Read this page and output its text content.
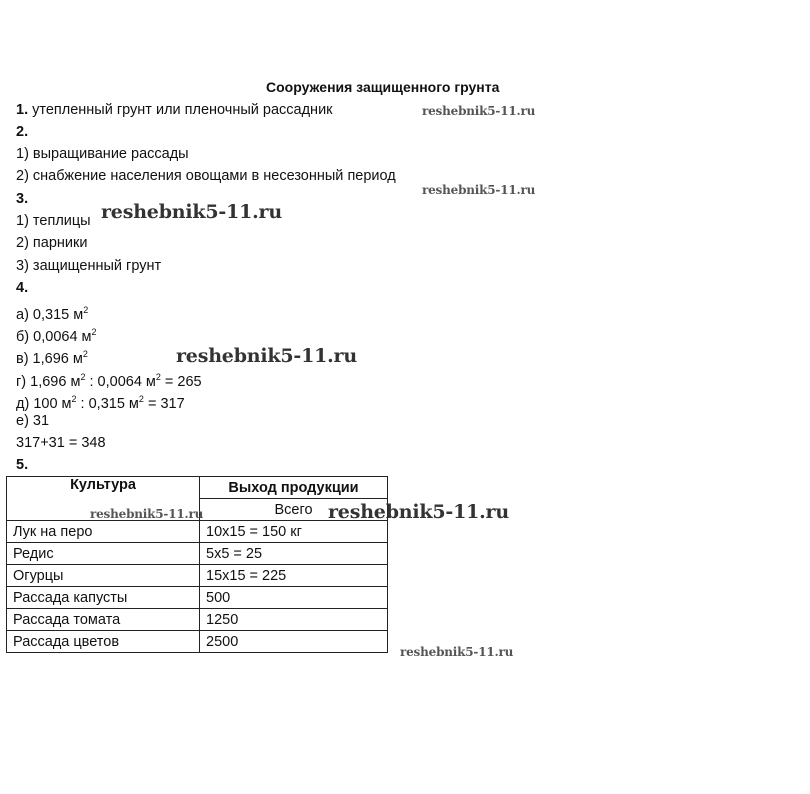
Сооружения защищенного грунта
1. утепленный грунт или пленочный рассадник
2.
1) выращивание рассады
2) снабжение населения овощами в несезонный период
3.
1) теплицы
2) парники
3) защищенный грунт
4.
а) 0,315 $м^2$
б) 0,0064 $м^2$
в) 1,696 $м^2$
г) 1,696 $м^2$ : 0,0064 $м^2 = 265$
д) 100 $м^2$ : 0,315 $м^2 = 317$
е) 31
317+31 = 348
5.
Культура	Выход продукции
	Всего
Лук на перо	10х15 = 150 кг
Редис	5х5 = 25
Огурцы	15х15 = 225
Рассада капусты	500
Рассада томата	1250
Рассада цветов	2500
reshebnik5-11.ru
reshebnik5-11.ru
reshebnik5-11.ru
reshebnik5-11.ru
reshebnik5-11.ru	reshebnik5-11.ru
reshebnik5-11.ru
